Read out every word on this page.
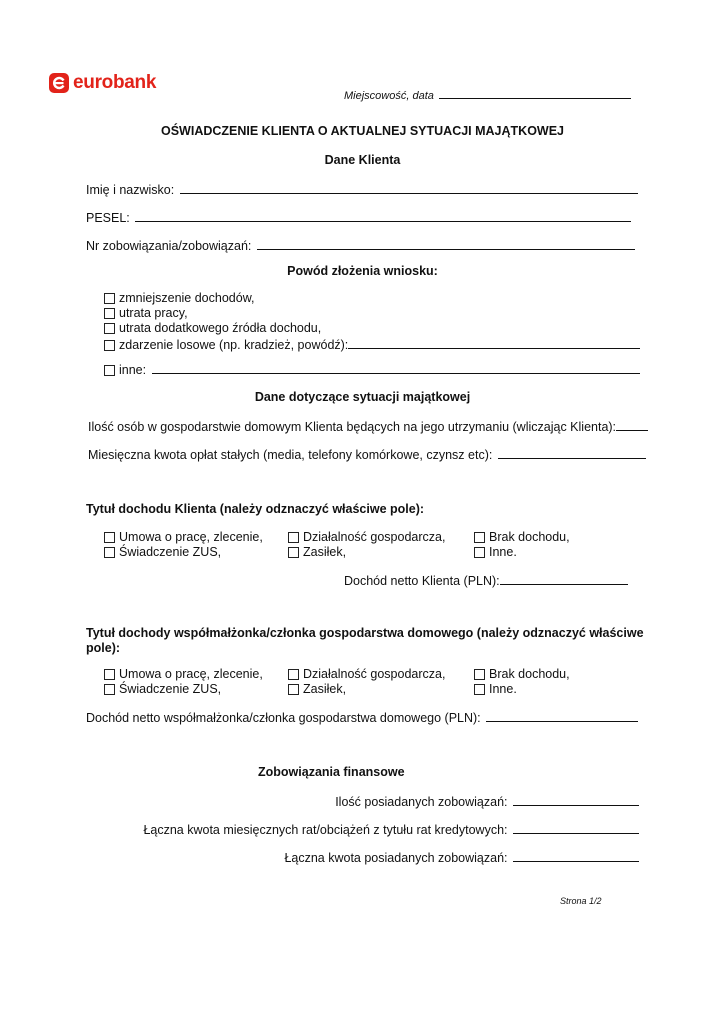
eurobank
Miejscowość, data
OŚWIADCZENIE KLIENTA O AKTUALNEJ SYTUACJI MAJĄTKOWEJ
Dane Klienta
Imię i nazwisko:
PESEL:
Nr zobowiązania/zobowiązań:
Powód złożenia wniosku:
zmniejszenie dochodów,
utrata pracy,
utrata dodatkowego źródła dochodu,
zdarzenie losowe (np. kradzież, powódź):
inne:
Dane dotyczące sytuacji majątkowej
Ilość osób w gospodarstwie domowym Klienta będących na jego utrzymaniu (wliczając Klienta):
Miesięczna kwota opłat stałych (media, telefony komórkowe, czynsz etc):
Tytuł dochodu Klienta (należy odznaczyć właściwe pole):
Umowa o pracę, zlecenie,	Działalność gospodarcza,	Brak dochodu,
Świadczenie ZUS,	Zasiłek,	Inne.
Dochód netto Klienta (PLN):
Tytuł dochody współmałżonka/członka gospodarstwa domowego (należy odznaczyć właściwe
pole):
Umowa o pracę, zlecenie,	Działalność gospodarcza,	Brak dochodu,
Świadczenie ZUS,	Zasiłek,	Inne.
Dochód netto współmałżonka/członka gospodarstwa domowego (PLN):
Zobowiązania finansowe
Ilość posiadanych zobowiązań:
Łączna kwota miesięcznych rat/obciążeń z tytułu rat kredytowych:
Łączna kwota posiadanych zobowiązań:
Strona 1/2
